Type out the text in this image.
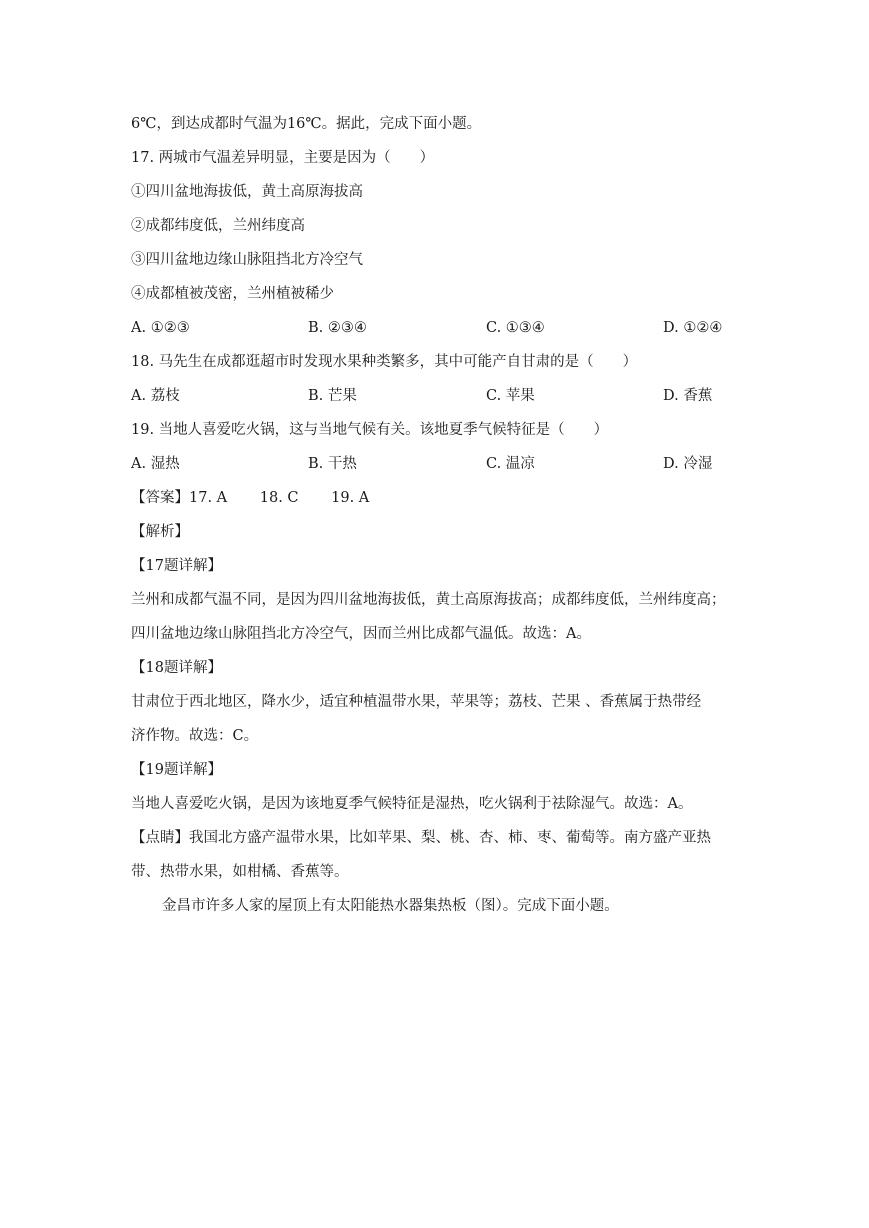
6℃，到达成都时气温为16℃。据此，完成下面小题。
17. 两城市气温差异明显，主要是因为（　　）
①四川盆地海拔低，黄土高原海拔高
②成都纬度低，兰州纬度高
③四川盆地边缘山脉阻挡北方冷空气
④成都植被茂密，兰州植被稀少
A. ①②③	B. ②③④	C. ①③④	D. ①②④
18. 马先生在成都逛超市时发现水果种类繁多，其中可能产自甘肃的是（　　）
A. 荔枝	B. 芒果	C. 苹果	D. 香蕉
19. 当地人喜爱吃火锅，这与当地气候有关。该地夏季气候特征是（　　）
A. 湿热	B. 干热	C. 温凉	D. 冷湿
【答案】17. A 18. C 19. A
【解析】
【17题详解】
兰州和成都气温不同，是因为四川盆地海拔低，黄土高原海拔高；成都纬度低，兰州纬度高；
四川盆地边缘山脉阻挡北方冷空气，因而兰州比成都气温低。故选：A。
【18题详解】
甘肃位于西北地区，降水少，适宜种植温带水果，苹果等；荔枝、芒果 、香蕉属于热带经
济作物。故选：C。
【19题详解】
当地人喜爱吃火锅，是因为该地夏季气候特征是湿热，吃火锅利于祛除湿气。故选：A。
【点睛】我国北方盛产温带水果，比如苹果、梨、桃、杏、柿、枣、葡萄等。南方盛产亚热
带、热带水果，如柑橘、香蕉等。
金昌市许多人家的屋顶上有太阳能热水器集热板（图）。完成下面小题。
